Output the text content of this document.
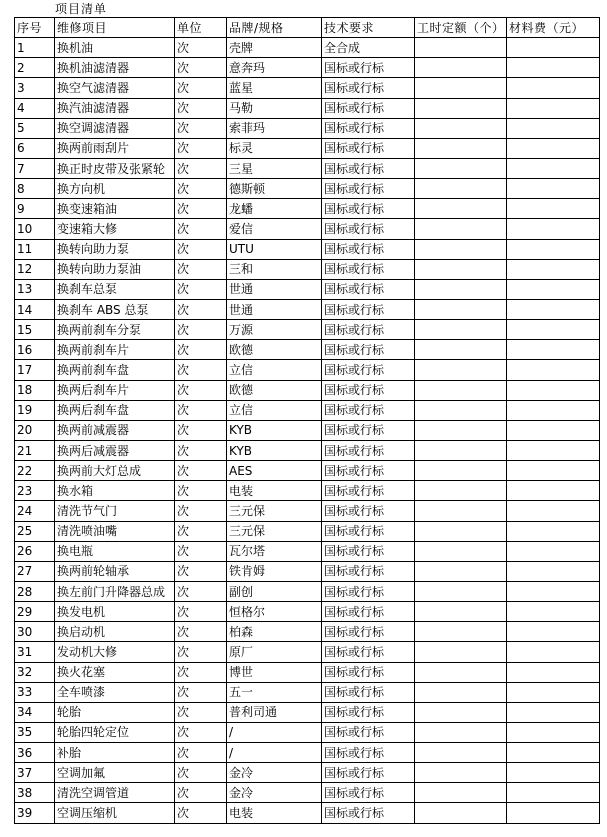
项目清单
序号	维修项目	单位	品牌/规格	技术要求	工时定额（个）	材料费（元）
1	换机油	次	壳牌	全合成		
2	换机油滤清器	次	意奔玛	国标或行标		
3	换空气滤清器	次	蓝星	国标或行标		
4	换汽油滤清器	次	马勒	国标或行标		
5	换空调滤清器	次	索菲玛	国标或行标		
6	换两前雨刮片	次	标灵	国标或行标		
7	换正时皮带及张紧轮	次	三星	国标或行标		
8	换方向机	次	德斯顿	国标或行标		
9	换变速箱油	次	龙蟠	国标或行标		
10	变速箱大修	次	爱信	国标或行标		
11	换转向助力泵	次	UTU	国标或行标		
12	换转向助力泵油	次	三和	国标或行标		
13	换刹车总泵	次	世通	国标或行标		
14	换刹车 ABS 总泵	次	世通	国标或行标		
15	换两前刹车分泵	次	万源	国标或行标		
16	换两前刹车片	次	欧德	国标或行标		
17	换两前刹车盘	次	立信	国标或行标		
18	换两后刹车片	次	欧德	国标或行标		
19	换两后刹车盘	次	立信	国标或行标		
20	换两前减震器	次	KYB	国标或行标		
21	换两后减震器	次	KYB	国标或行标		
22	换两前大灯总成	次	AES	国标或行标		
23	换水箱	次	电装	国标或行标		
24	清洗节气门	次	三元保	国标或行标		
25	清洗喷油嘴	次	三元保	国标或行标		
26	换电瓶	次	瓦尔塔	国标或行标		
27	换两前轮轴承	次	铁肯姆	国标或行标		
28	换左前门升降器总成	次	副创	国标或行标		
29	换发电机	次	恒格尔	国标或行标		
30	换启动机	次	柏森	国标或行标		
31	发动机大修	次	原厂	国标或行标		
32	换火花塞	次	博世	国标或行标		
33	全车喷漆	次	五一	国标或行标		
34	轮胎	次	普利司通	国标或行标		
35	轮胎四轮定位	次	/	国标或行标		
36	补胎	次	/	国标或行标		
37	空调加氟	次	金冷	国标或行标		
38	清洗空调管道	次	金冷	国标或行标		
39	空调压缩机	次	电装	国标或行标		
